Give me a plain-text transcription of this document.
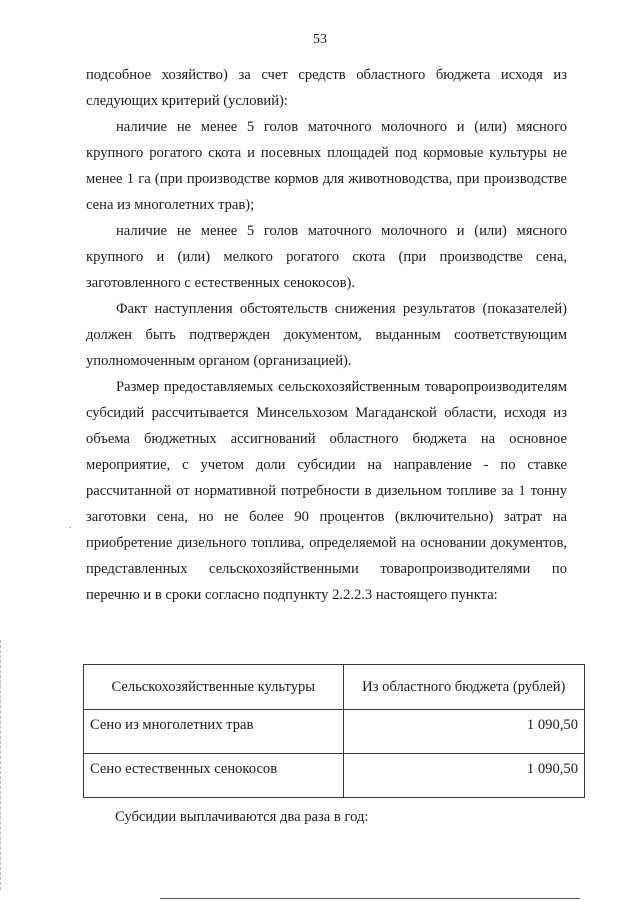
53

подсобное хозяйство) за счет средств областного бюджета исходя из следующих критерий (условий):

наличие не менее 5 голов маточного молочного и (или) мясного крупного рогатого скота и посевных площадей под кормовые культуры не менее 1 га (при производстве кормов для животноводства, при производстве сена из многолетних трав);

наличие не менее 5 голов маточного молочного и (или) мясного крупного и (или) мелкого рогатого скота (при производстве сена, заготовленного с естественных сенокосов).

Факт наступления обстоятельств снижения результатов (показателей) должен быть подтвержден документом, выданным соответствующим уполномоченным органом (организацией).

Размер предоставляемых сельскохозяйственным товаропроизводителям субсидий рассчитывается Минсельхозом Магаданской области, исходя из объема бюджетных ассигнований областного бюджета на основное мероприятие, с учетом доли субсидии на направление - по ставке рассчитанной от нормативной потребности в дизельном топливе за 1 тонну заготовки сена, но не более 90 процентов (включительно) затрат на приобретение дизельного топлива, определяемой на основании документов, представленных сельскохозяйственными товаропроизводителями по перечню и в сроки согласно подпункту 2.2.2.3 настоящего пункта:

Сельскохозяйственные культуры	Из областного бюджета (рублей)
Сено из многолетних трав	1 090,50
Сено естественных сенокосов	1 090,50
Субсидии выплачиваются два раза в год:
.
